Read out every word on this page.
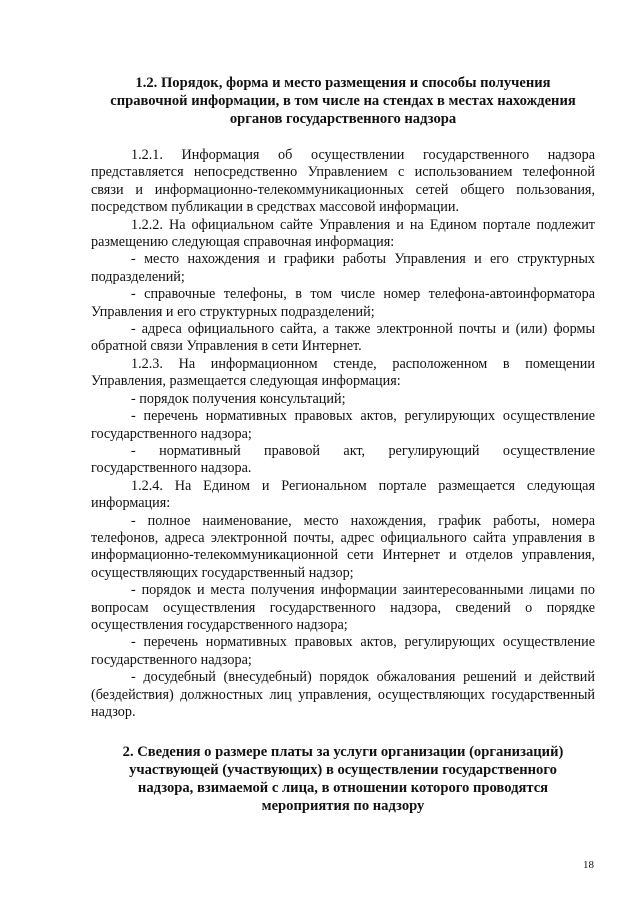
1.2. Порядок, форма и место размещения и способы получения
справочной информации, в том числе на стендах в местах нахождения
органов государственного надзора

1.2.1. Информация об осуществлении государственного надзора представляется непосредственно Управлением с использованием телефонной связи и информационно-телекоммуникационных сетей общего пользования, посредством публикации в средствах массовой информации.

1.2.2. На официальном сайте Управления и на Едином портале подлежит размещению следующая справочная информация:

- место нахождения и графики работы Управления и его структурных подразделений;

- справочные телефоны, в том числе номер телефона-автоинформатора Управления и его структурных подразделений;

- адреса официального сайта, а также электронной почты и (или) формы обратной связи Управления в сети Интернет.

1.2.3. На информационном стенде, расположенном в помещении Управления, размещается следующая информация:

- порядок получения консультаций;

- перечень нормативных правовых актов, регулирующих осуществление государственного надзора;

- нормативный правовой акт, регулирующий осуществление государственного надзора.

1.2.4. На Едином и Региональном портале размещается следующая информация:

- полное наименование, место нахождения, график работы, номера телефонов, адреса электронной почты, адрес официального сайта управления в информационно-телекоммуникационной сети Интернет и отделов управления, осуществляющих государственный надзор;

- порядок и места получения информации заинтересованными лицами по вопросам осуществления государственного надзора, сведений о порядке осуществления государственного надзора;

- перечень нормативных правовых актов, регулирующих осуществление государственного надзора;

- досудебный (внесудебный) порядок обжалования решений и действий (бездействия) должностных лиц управления, осуществляющих государственный надзор.

2. Сведения о размере платы за услуги организации (организаций)
участвующей (участвующих) в осуществлении государственного
надзора, взимаемой с лица, в отношении которого проводятся
мероприятия по надзору
18
